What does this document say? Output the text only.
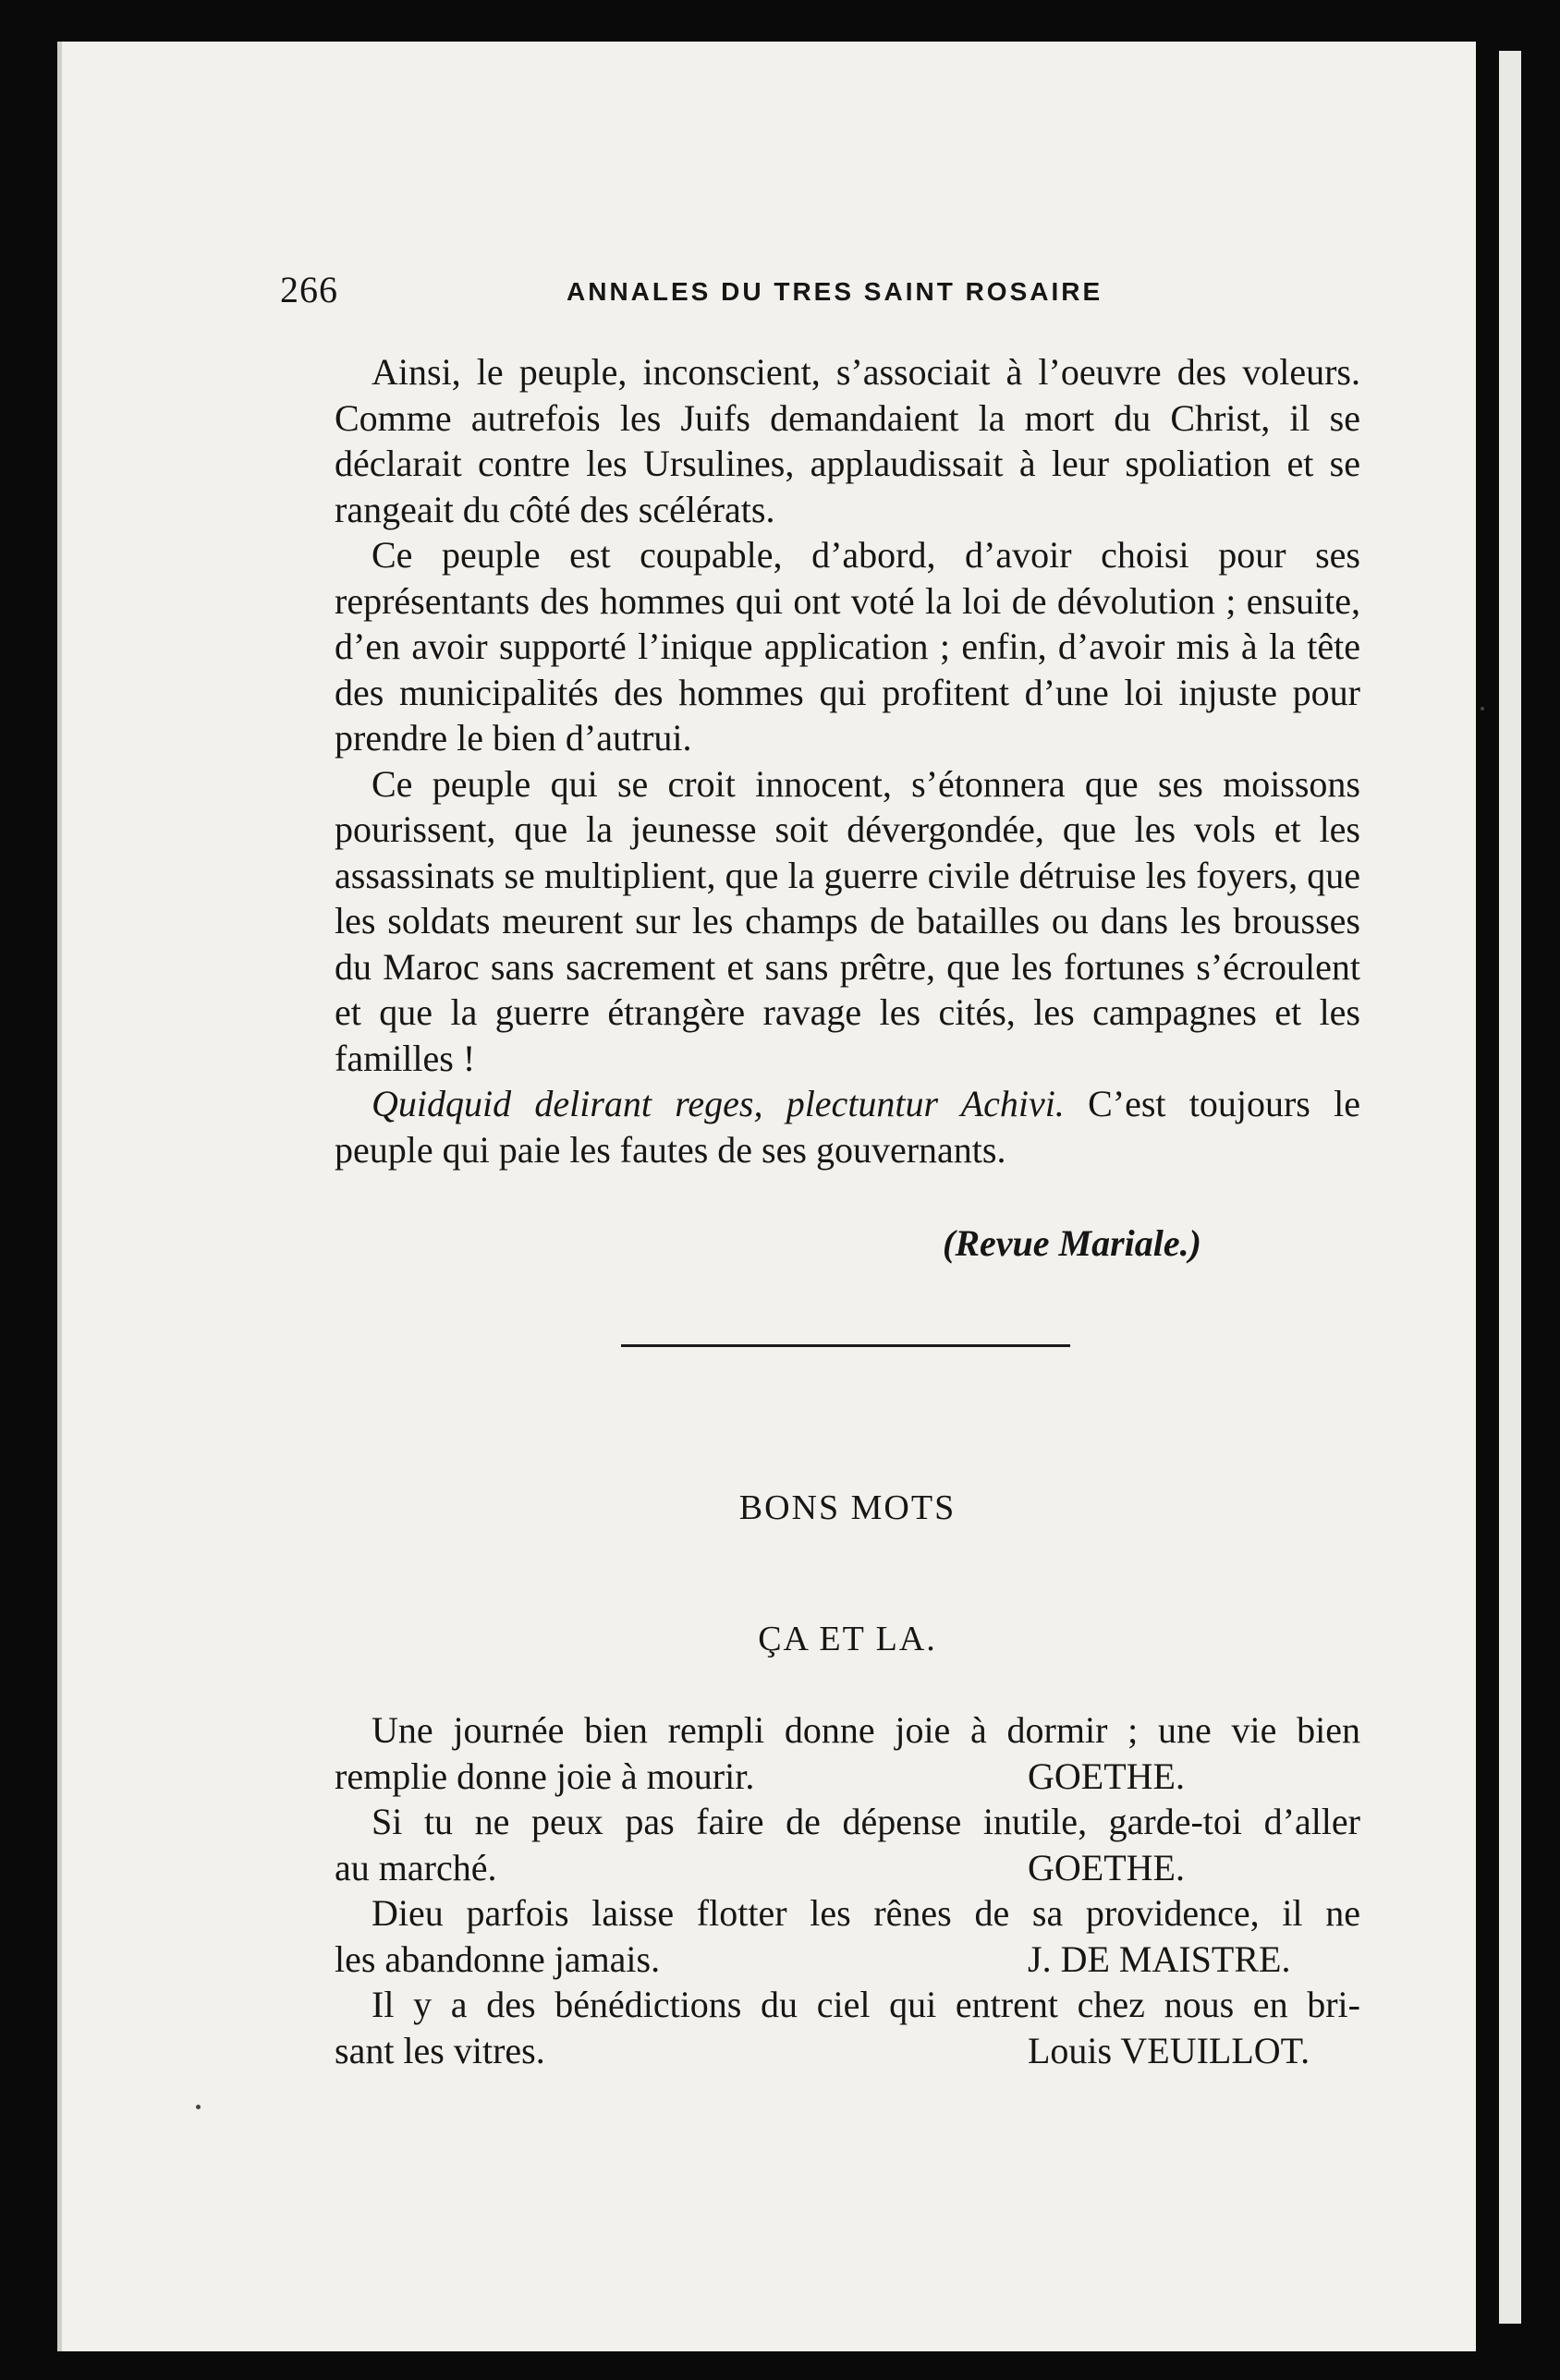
266	ANNALES DU TRES SAINT ROSAIRE

Ainsi, le peuple, inconscient, s’associait à l’oeuvre des voleurs. Comme autrefois les Juifs demandaient la mort du Christ, il se déclarait contre les Ursulines, applaudissait à leur spoliation et se rangeait du côté des scélérats.

Ce peuple est coupable, d’abord, d’avoir choisi pour ses représentants des hommes qui ont voté la loi de dévolution ; ensuite, d’en avoir supporté l’inique application ; enfin, d’avoir mis à la tête des municipalités des hommes qui profitent d’une loi injuste pour prendre le bien d’autrui.

Ce peuple qui se croit innocent, s’étonnera que ses moissons pourissent, que la jeunesse soit dévergondée, que les vols et les assassinats se multiplient, que la guerre civile détruise les foyers, que les soldats meurent sur les champs de batailles ou dans les brousses du Maroc sans sacrement et sans prêtre, que les fortunes s’écroulent et que la guerre étrangère ravage les cités, les campagnes et les familles !

Quidquid delirant reges, plectuntur Achivi. C’est toujours le peuple qui paie les fautes de ses gouvernants.

(Revue Mariale.)
BONS MOTS
ÇA ET LA.
Une journée bien rempli donne joie à dormir ; une vie bien
remplie donne joie à mourir.	GOETHE.
Si tu ne peux pas faire de dépense inutile, garde-toi d’aller
au marché.	GOETHE.
Dieu parfois laisse flotter les rênes de sa providence, il ne
les abandonne jamais.	J. DE MAISTRE.
Il y a des bénédictions du ciel qui entrent chez nous en bri-
sant les vitres.	Louis VEUILLOT.
